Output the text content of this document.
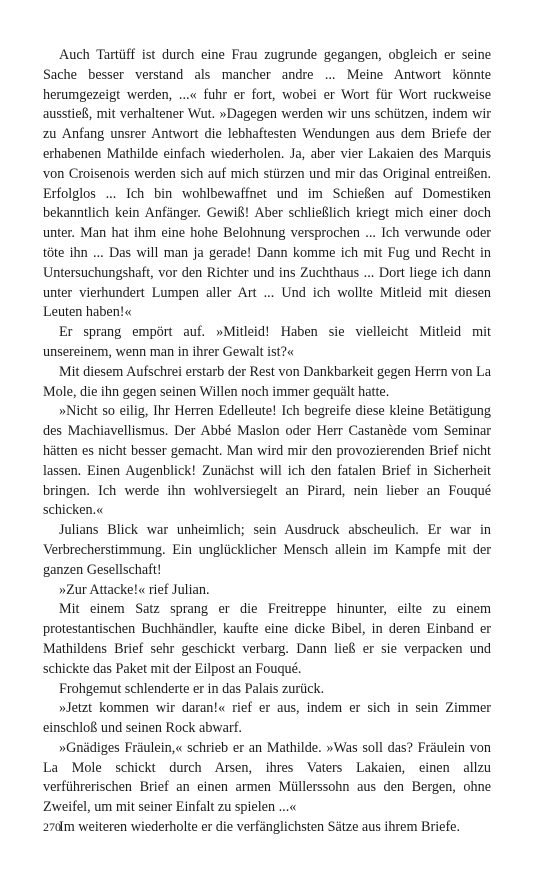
Auch Tartüff ist durch eine Frau zugrunde gegangen, obgleich er seine Sache besser verstand als mancher andre ... Meine Antwort könnte herumgezeigt werden, ...« fuhr er fort, wobei er Wort für Wort ruckweise ausstieß, mit verhaltener Wut. »Dagegen werden wir uns schützen, indem wir zu Anfang unsrer Antwort die lebhaftesten Wendungen aus dem Briefe der erhabenen Mathilde einfach wiederholen. Ja, aber vier Lakaien des Marquis von Croisenois werden sich auf mich stürzen und mir das Original entreißen. Erfolglos ... Ich bin wohlbewaffnet und im Schießen auf Domestiken bekanntlich kein Anfänger. Gewiß! Aber schließlich kriegt mich einer doch unter. Man hat ihm eine hohe Belohnung versprochen ... Ich verwunde oder töte ihn ... Das will man ja gerade! Dann komme ich mit Fug und Recht in Untersuchungshaft, vor den Richter und ins Zuchthaus ... Dort liege ich dann unter vierhundert Lumpen aller Art ... Und ich wollte Mitleid mit diesen Leuten haben!«

Er sprang empört auf. »Mitleid! Haben sie vielleicht Mitleid mit unsereinem, wenn man in ihrer Gewalt ist?«

Mit diesem Aufschrei erstarb der Rest von Dankbarkeit gegen Herrn von La Mole, die ihn gegen seinen Willen noch immer gequält hatte.

»Nicht so eilig, Ihr Herren Edelleute! Ich begreife diese kleine Betätigung des Machiavellismus. Der Abbé Maslon oder Herr Castanède vom Seminar hätten es nicht besser gemacht. Man wird mir den provozierenden Brief nicht lassen. Einen Augenblick! Zunächst will ich den fatalen Brief in Sicherheit bringen. Ich werde ihn wohlversiegelt an Pirard, nein lieber an Fouqué schicken.«

Julians Blick war unheimlich; sein Ausdruck abscheulich. Er war in Verbrecherstimmung. Ein unglücklicher Mensch allein im Kampfe mit der ganzen Gesellschaft!

»Zur Attacke!« rief Julian.

Mit einem Satz sprang er die Freitreppe hinunter, eilte zu einem protestantischen Buchhändler, kaufte eine dicke Bibel, in deren Einband er Mathildens Brief sehr geschickt verbarg. Dann ließ er sie verpacken und schickte das Paket mit der Eilpost an Fouqué.

Frohgemut schlenderte er in das Palais zurück.

»Jetzt kommen wir daran!« rief er aus, indem er sich in sein Zimmer einschloß und seinen Rock abwarf.

»Gnädiges Fräulein,« schrieb er an Mathilde. »Was soll das? Fräulein von La Mole schickt durch Arsen, ihres Vaters Lakaien, einen allzu verführerischen Brief an einen armen Müllerssohn aus den Bergen, ohne Zweifel, um mit seiner Einfalt zu spielen ...«

Im weiteren wiederholte er die verfänglichsten Sätze aus ihrem Briefe.

270
